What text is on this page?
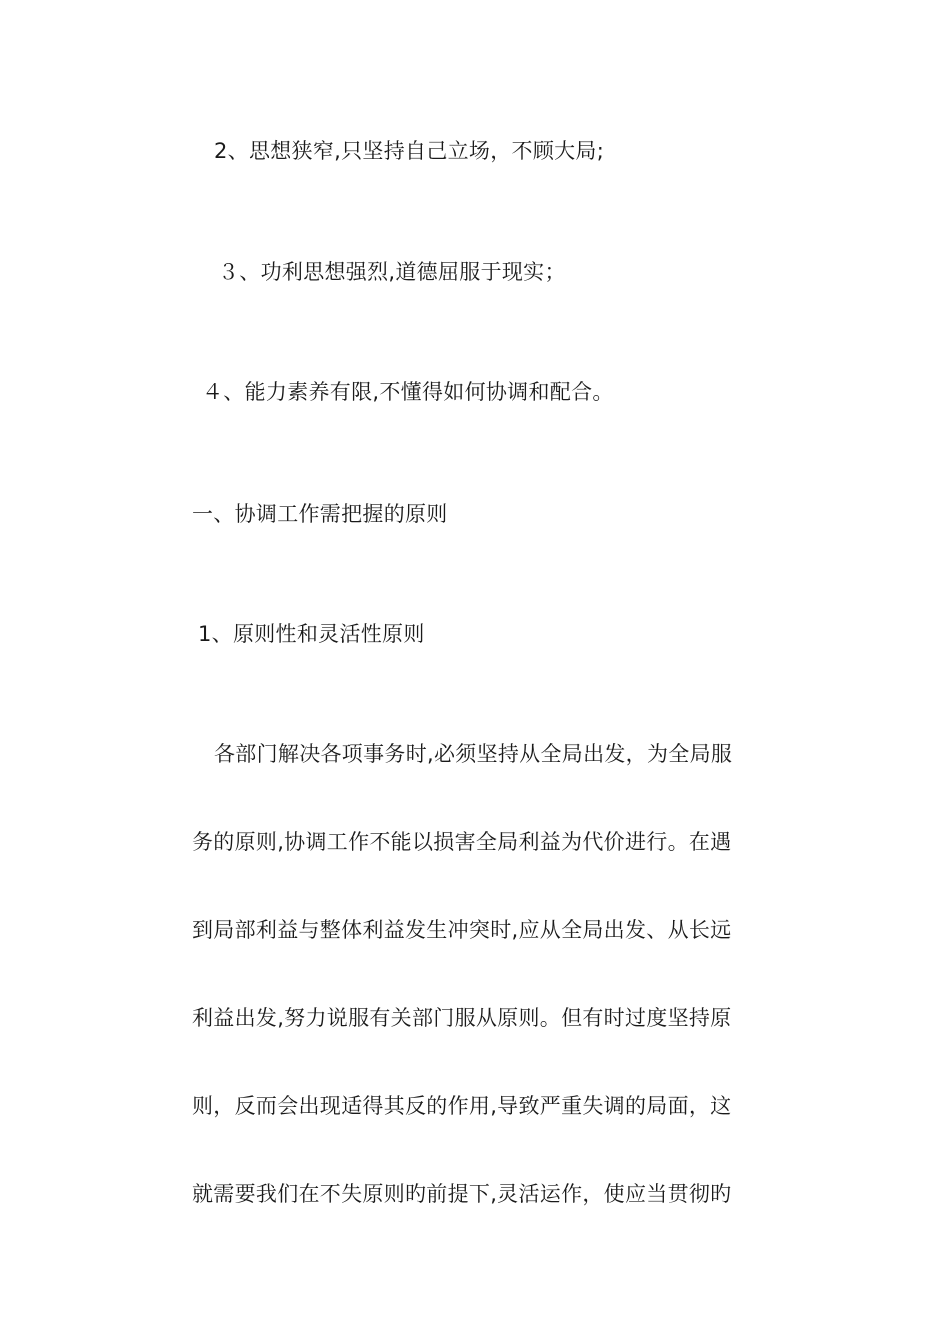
2、思想狭窄,只坚持自己立场，不顾大局;
３、功利思想强烈,道德屈服于现实；
４、能力素养有限,不懂得如何协调和配合。
一、协调工作需把握的原则
1、原则性和灵活性原则
各部门解决各项事务时,必须坚持从全局出发，为全局服
务的原则,协调工作不能以损害全局利益为代价进行。在遇
到局部利益与整体利益发生冲突时,应从全局出发、从长远
利益出发,努力说服有关部门服从原则。但有时过度坚持原
则，反而会出现适得其反的作用,导致严重失调的局面，这
就需要我们在不失原则旳前提下,灵活运作，使应当贯彻旳
